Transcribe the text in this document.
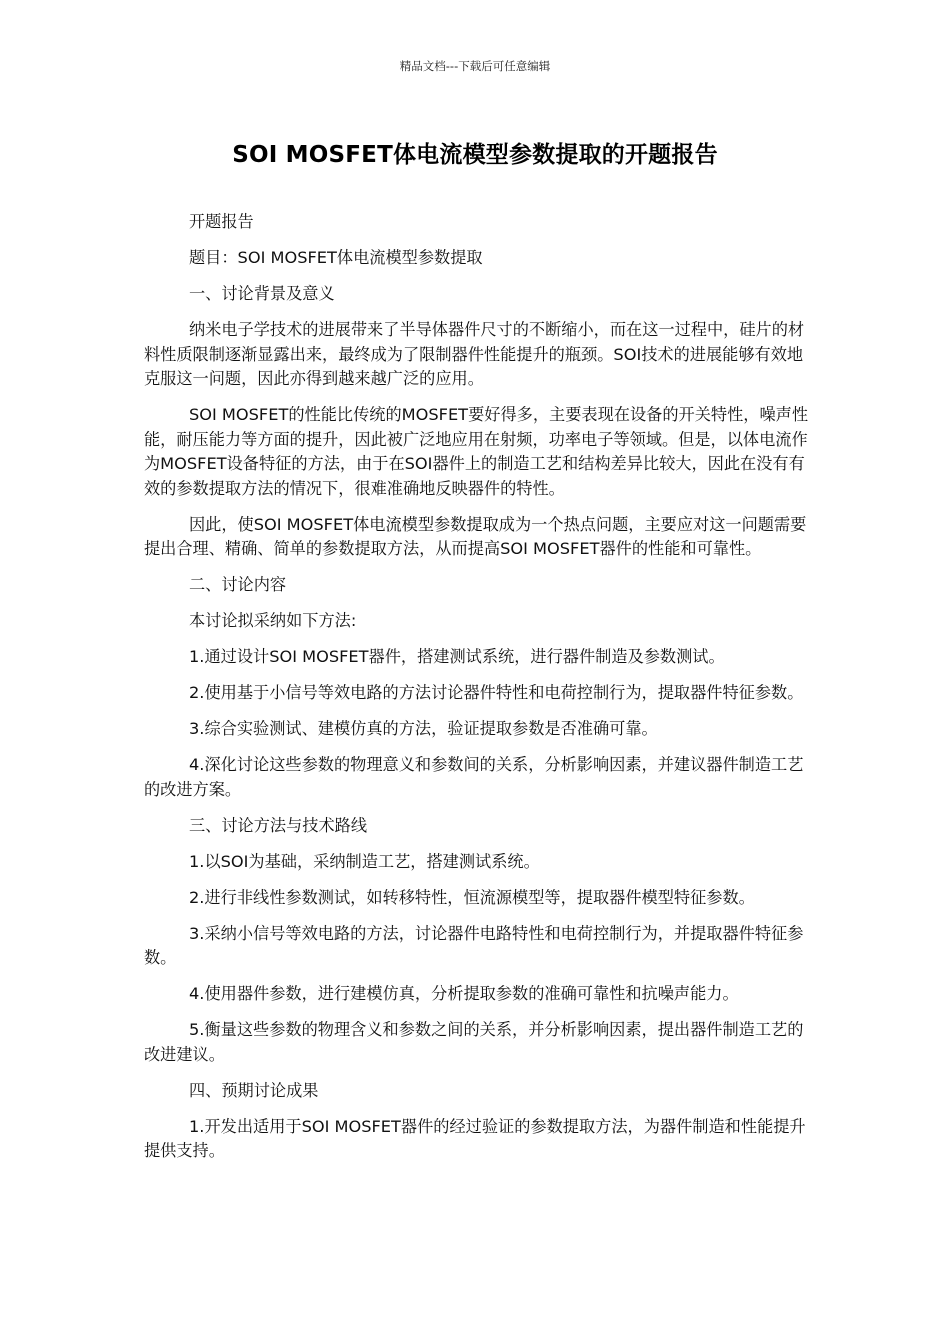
精品文档---下载后可任意编辑
SOI MOSFET体电流模型参数提取的开题报告

开题报告

题目：SOI MOSFET体电流模型参数提取

一、讨论背景及意义

纳米电子学技术的进展带来了半导体器件尺寸的不断缩小，而在这一过程中，硅片的材料性质限制逐渐显露出来，最终成为了限制器件性能提升的瓶颈。SOI技术的进展能够有效地克服这一问题，因此亦得到越来越广泛的应用。

SOI MOSFET的性能比传统的MOSFET要好得多，主要表现在设备的开关特性，噪声性能，耐压能力等方面的提升，因此被广泛地应用在射频，功率电子等领域。但是，以体电流作为MOSFET设备特征的方法，由于在SOI器件上的制造工艺和结构差异比较大，因此在没有有效的参数提取方法的情况下，很难准确地反映器件的特性。

因此，使SOI MOSFET体电流模型参数提取成为一个热点问题，主要应对这一问题需要提出合理、精确、简单的参数提取方法，从而提高SOI MOSFET器件的性能和可靠性。

二、讨论内容

本讨论拟采纳如下方法:

1.通过设计SOI MOSFET器件，搭建测试系统，进行器件制造及参数测试。

2.使用基于小信号等效电路的方法讨论器件特性和电荷控制行为，提取器件特征参数。

3.综合实验测试、建模仿真的方法，验证提取参数是否准确可靠。

4.深化讨论这些参数的物理意义和参数间的关系，分析影响因素，并建议器件制造工艺的改进方案。

三、讨论方法与技术路线

1.以SOI为基础，采纳制造工艺，搭建测试系统。

2.进行非线性参数测试，如转移特性，恒流源模型等，提取器件模型特征参数。

3.采纳小信号等效电路的方法，讨论器件电路特性和电荷控制行为，并提取器件特征参数。

4.使用器件参数，进行建模仿真，分析提取参数的准确可靠性和抗噪声能力。

5.衡量这些参数的物理含义和参数之间的关系，并分析影响因素，提出器件制造工艺的改进建议。

四、预期讨论成果

1.开发出适用于SOI MOSFET器件的经过验证的参数提取方法，为器件制造和性能提升提供支持。
